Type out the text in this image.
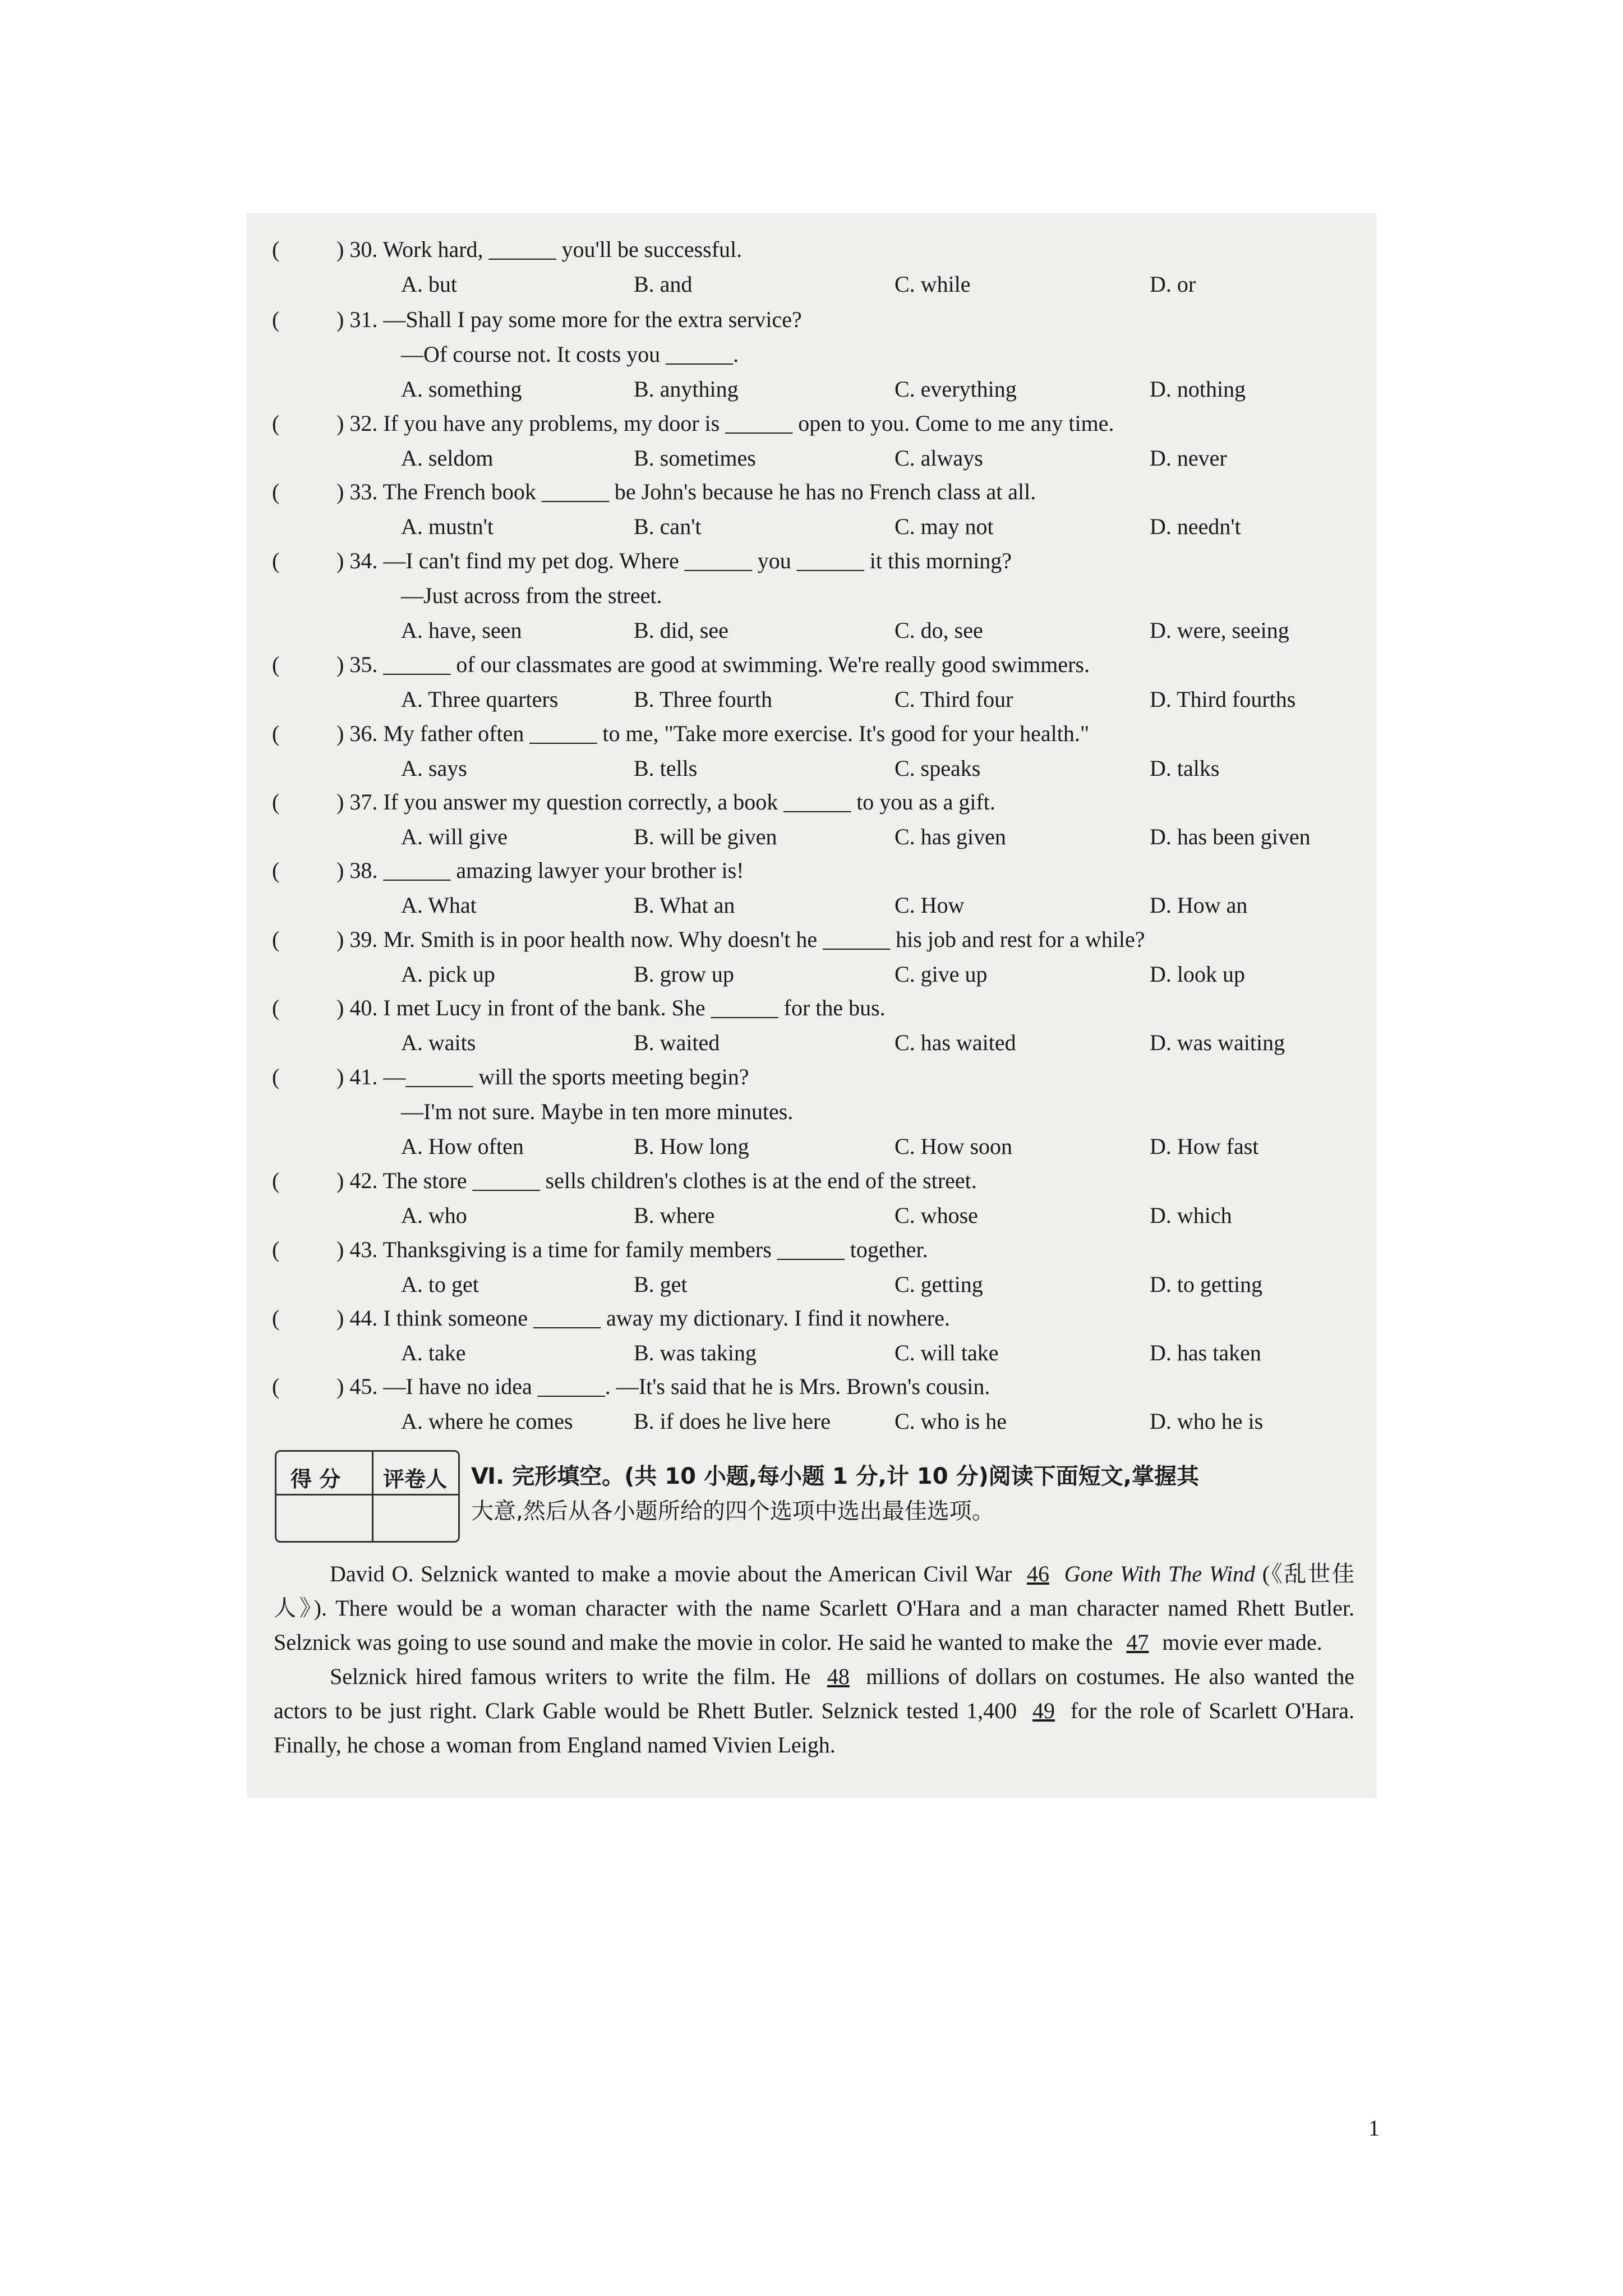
(	) 30. Work hard, ______ you'll be successful.
A. but	B. and	C. while	D. or
(	) 31. —Shall I pay some more for the extra service?
—Of course not. It costs you ______.
A. something	B. anything	C. everything	D. nothing
(	) 32. If you have any problems, my door is ______ open to you. Come to me any time.
A. seldom	B. sometimes	C. always	D. never
(	) 33. The French book ______ be John's because he has no French class at all.
A. mustn't	B. can't	C. may not	D. needn't
(	) 34. —I can't find my pet dog. Where ______ you ______ it this morning?
—Just across from the street.
A. have, seen	B. did, see	C. do, see	D. were, seeing
(	) 35. ______ of our classmates are good at swimming. We're really good swimmers.
A. Three quarters	B. Three fourth	C. Third four	D. Third fourths
(	) 36. My father often ______ to me, "Take more exercise. It's good for your health."
A. says	B. tells	C. speaks	D. talks
(	) 37. If you answer my question correctly, a book ______ to you as a gift.
A. will give	B. will be given	C. has given	D. has been given
(	) 38. ______ amazing lawyer your brother is!
A. What	B. What an	C. How	D. How an
(	) 39. Mr. Smith is in poor health now. Why doesn't he ______ his job and rest for a while?
A. pick up	B. grow up	C. give up	D. look up
(	) 40. I met Lucy in front of the bank. She ______ for the bus.
A. waits	B. waited	C. has waited	D. was waiting
(	) 41. —______ will the sports meeting begin?
—I'm not sure. Maybe in ten more minutes.
A. How often	B. How long	C. How soon	D. How fast
(	) 42. The store ______ sells children's clothes is at the end of the street.
A. who	B. where	C. whose	D. which
(	) 43. Thanksgiving is a time for family members ______ together.
A. to get	B. get	C. getting	D. to getting
(	) 44. I think someone ______ away my dictionary. I find it nowhere.
A. take	B. was taking	C. will take	D. has taken
(	) 45. —I have no idea ______. —It's said that he is Mrs. Brown's cousin.
A. where he comes	B. if does he live here	C. who is he	D. who he is
得 分 评卷人 Ⅵ. 完形填空。(共 10 小题,每小题 1 分,计 10 分)阅读下面短文,掌握其
大意,然后从各小题所给的四个选项中选出最佳选项。

David O. Selznick wanted to make a movie about the American Civil War 46 Gone With The Wind (《乱世佳人》). There would be a woman character with the name Scarlett O'Hara and a man character named Rhett Butler. Selznick was going to use sound and make the movie in color. He said he wanted to make the 47 movie ever made.

Selznick hired famous writers to write the film. He 48 millions of dollars on costumes. He also wanted the actors to be just right. Clark Gable would be Rhett Butler. Selznick tested 1,400 49 for the role of Scarlett O'Hara. Finally, he chose a woman from England named Vivien Leigh.

1
